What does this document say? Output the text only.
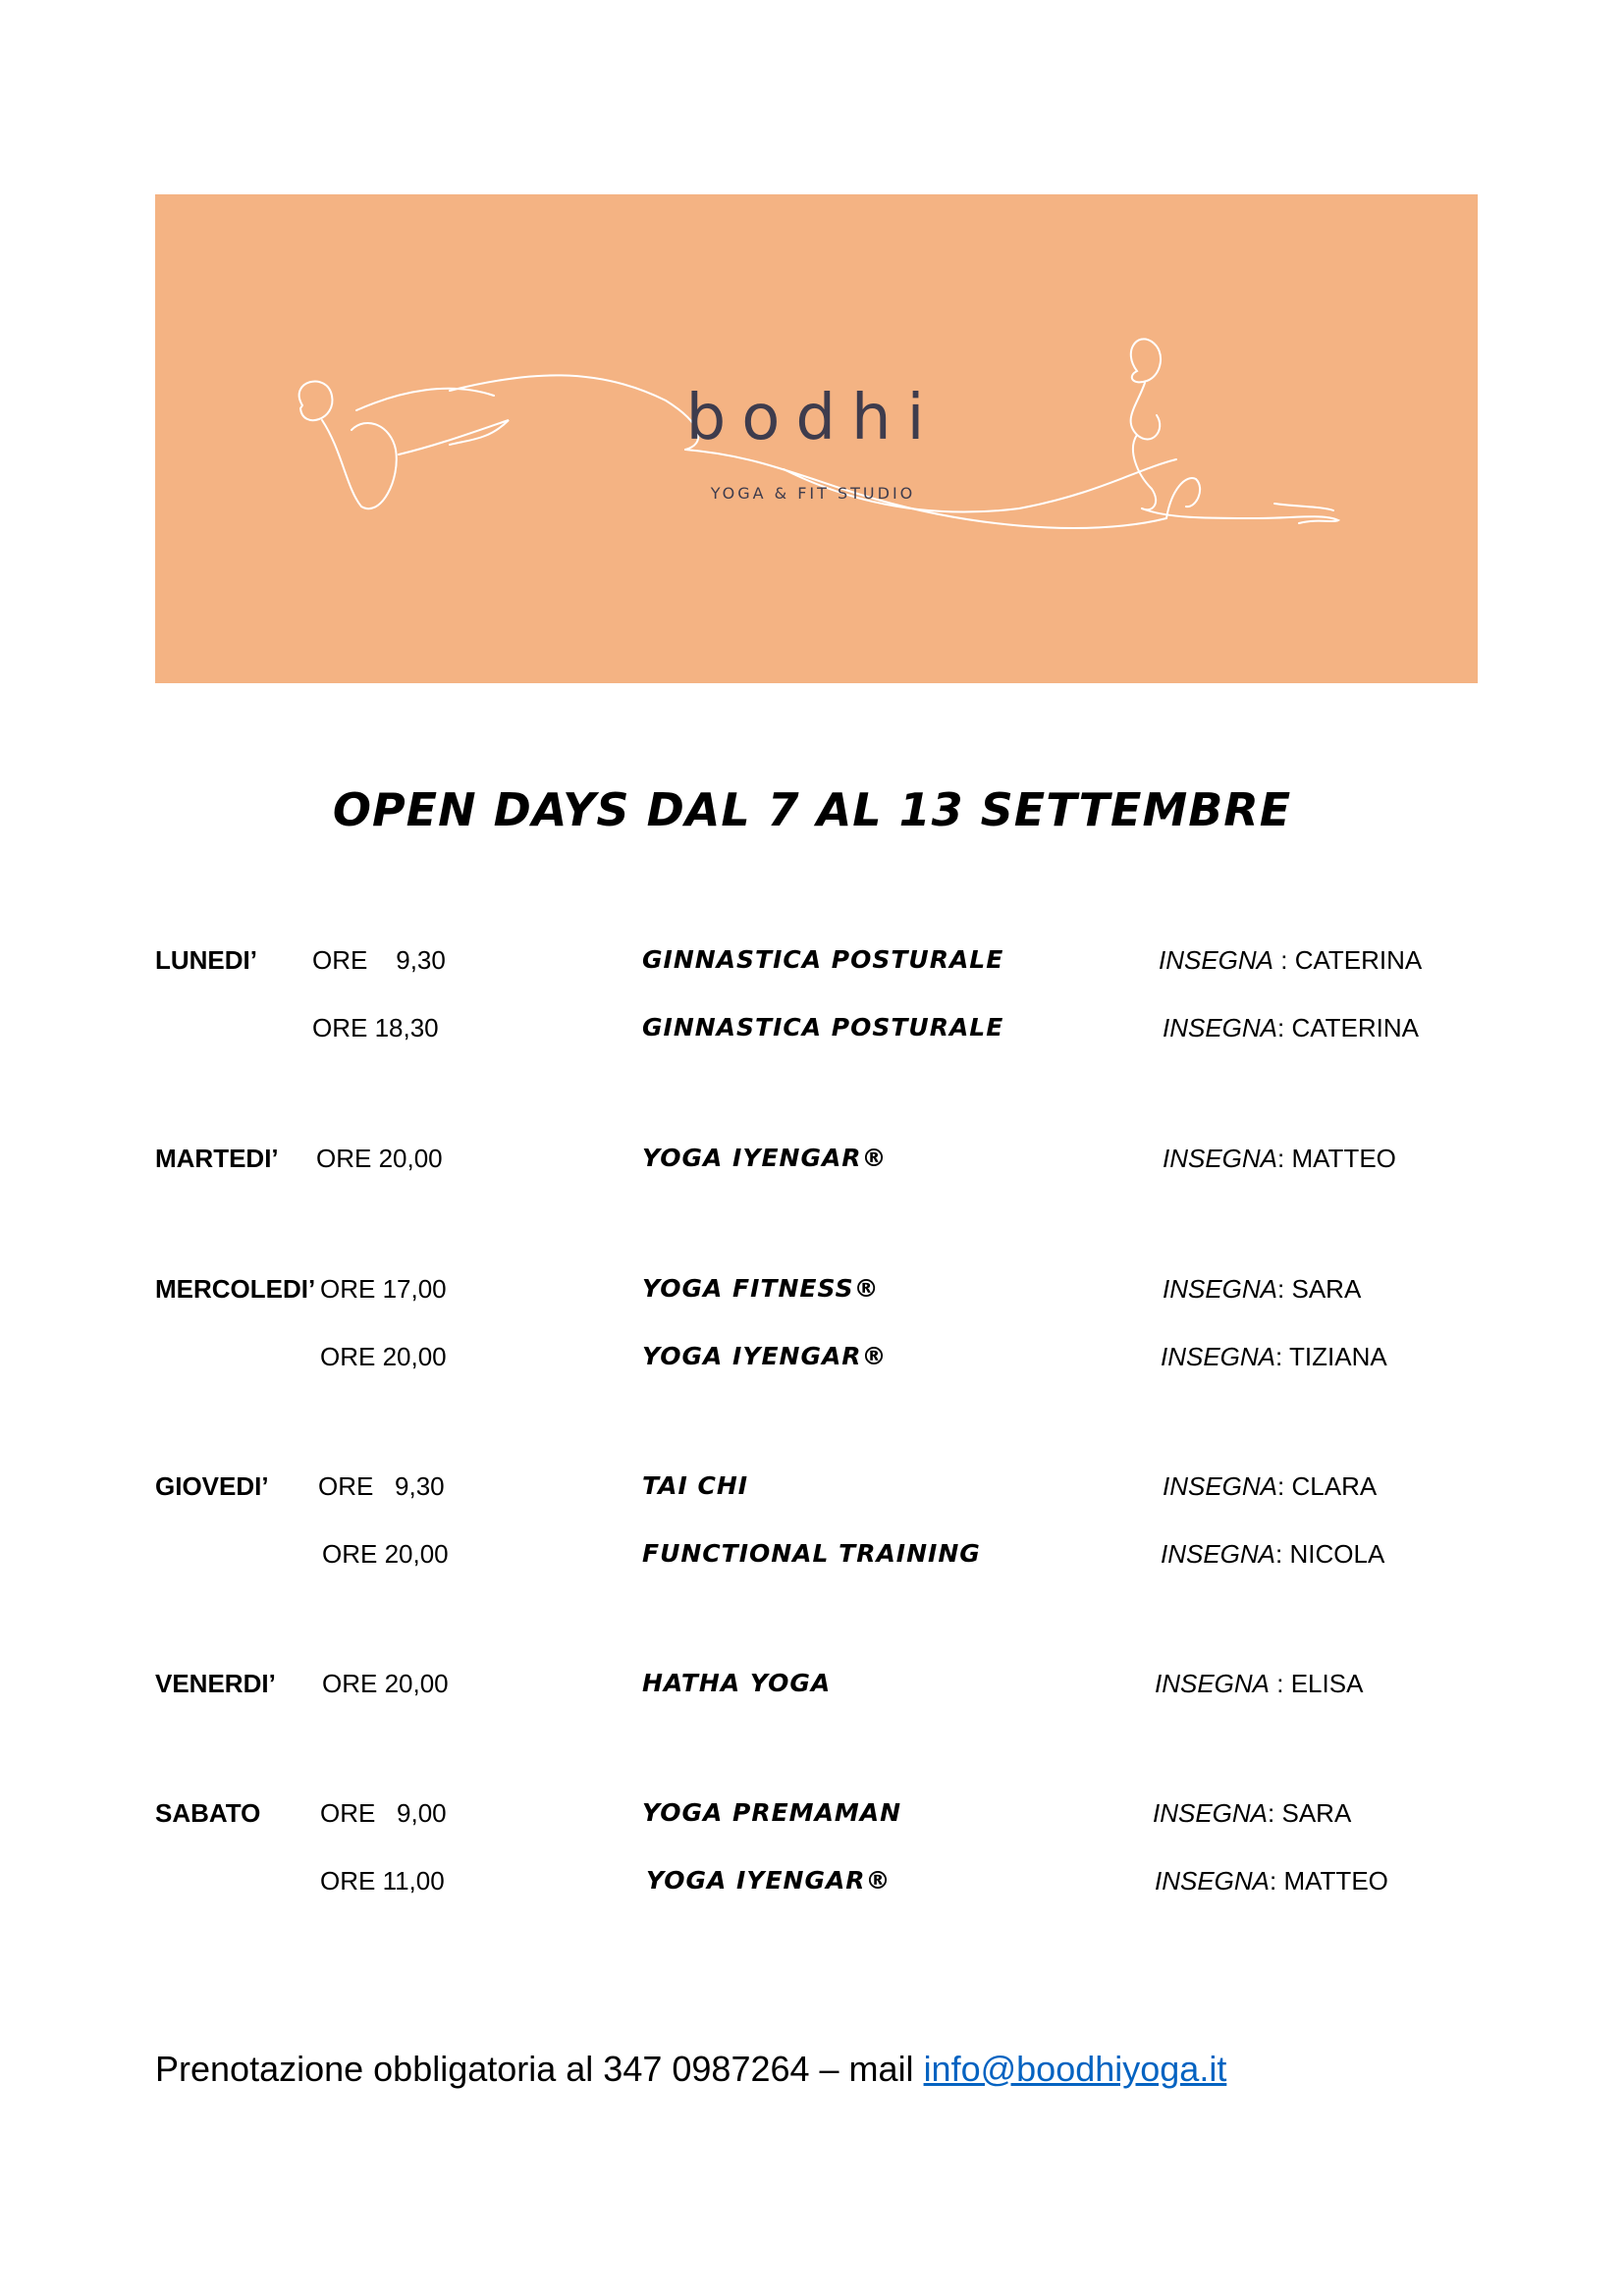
bodhi
YOGA & FIT STUDIO
OPEN DAYS DAL 7 AL 13 SETTEMBRE
LUNEDI’ ORE    9,30	GINNASTICA POSTURALE	INSEGNA : CATERINA
ORE 18,30	GINNASTICA POSTURALE	INSEGNA: CATERINA
MARTEDI’ ORE 20,00	YOGA IYENGAR®	INSEGNA: MATTEO
MERCOLEDI’ ORE 17,00	YOGA FITNESS®	INSEGNA: SARA
ORE 20,00	YOGA IYENGAR®	INSEGNA: TIZIANA
GIOVEDI’ ORE   9,30	TAI CHI	INSEGNA: CLARA
ORE 20,00	FUNCTIONAL TRAINING	INSEGNA: NICOLA
VENERDI’ ORE 20,00	HATHA YOGA	INSEGNA : ELISA
SABATO ORE   9,00	YOGA PREMAMAN	INSEGNA: SARA
ORE 11,00	YOGA IYENGAR®	INSEGNA: MATTEO
Prenotazione obbligatoria al 347 0987264 – mail info@boodhiyoga.it
